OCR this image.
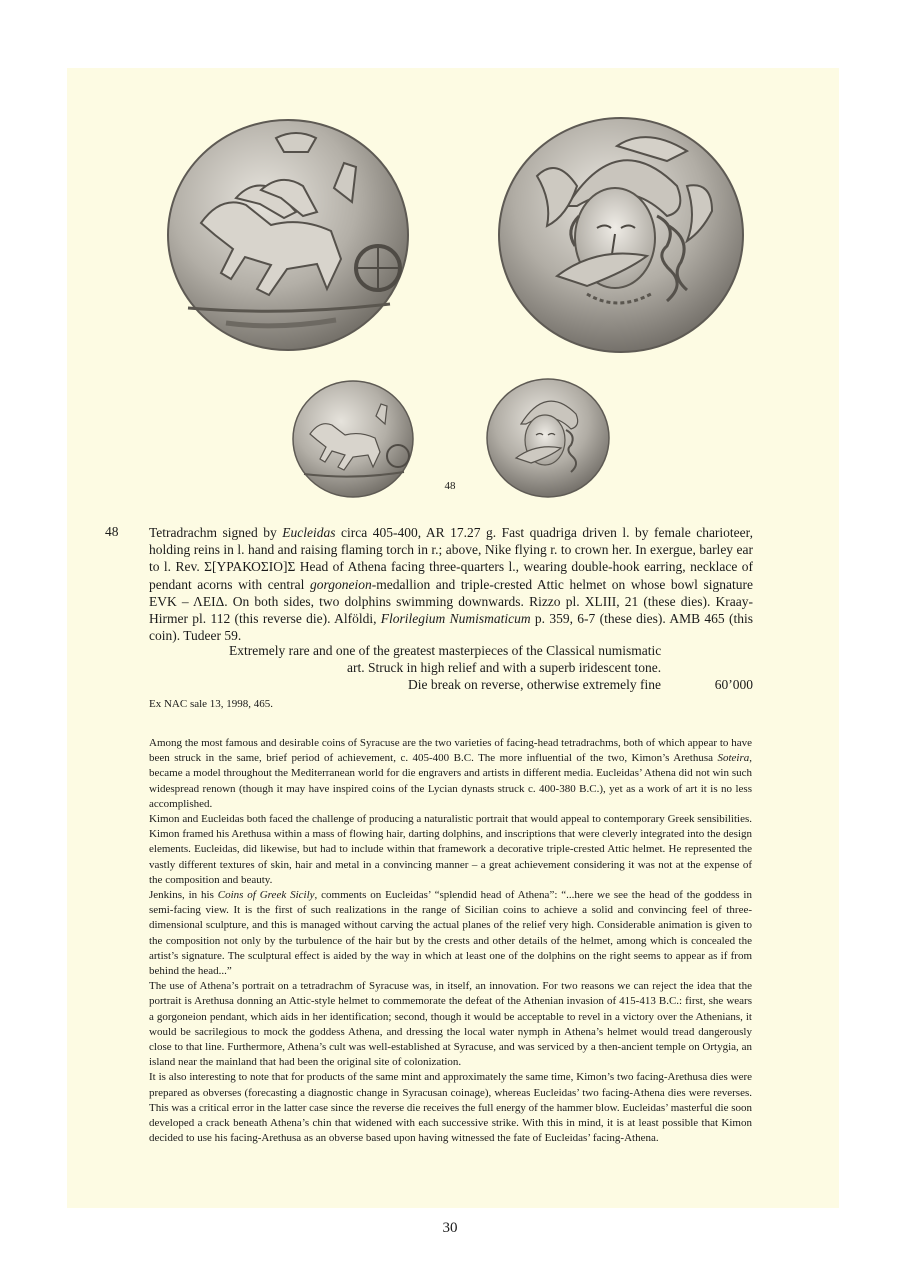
48
48 Tetradrachm signed by Eucleidas circa 405-400, AR 17.27 g. Fast quadriga driven l. by female charioteer, holding reins in l. hand and raising flaming torch in r.; above, Nike flying r. to crown her. In exergue, barley ear to l. Rev. Σ[ΥΡΑΚΟΣΙΟ]Σ Head of Athena facing three-quarters l., wearing double-hook earring, necklace of pendant acorns with central gorgoneion-medallion and triple-crested Attic helmet on whose bowl signature ΕVΚ – ΛΕΙΔ. On both sides, two dolphins swimming downwards. Rizzo pl. XLIII, 21 (these dies). Kraay-Hirmer pl. 112 (this reverse die). Alföldi, Florilegium Numismaticum p. 359, 6-7 (these dies). AMB 465 (this coin). Tudeer 59.
Extremely rare and one of the greatest masterpieces of the Classical numismatic
art. Struck in high relief and with a superb iridescent tone.
Die break on reverse, otherwise extremely fine	60’000
Ex NAC sale 13, 1998, 465.

Among the most famous and desirable coins of Syracuse are the two varieties of facing-head tetradrachms, both of which appear to have been struck in the same, brief period of achievement, c. 405-400 B.C. The more influential of the two, Kimon’s Arethusa Soteira, became a model throughout the Mediterranean world for die engravers and artists in different media. Eucleidas’ Athena did not win such widespread renown (though it may have inspired coins of the Lycian dynasts struck c. 400-380 B.C.), yet as a work of art it is no less accomplished.

Kimon and Eucleidas both faced the challenge of producing a naturalistic portrait that would appeal to contemporary Greek sensibilities. Kimon framed his Arethusa within a mass of flowing hair, darting dolphins, and inscriptions that were cleverly integrated into the design elements. Eucleidas, did likewise, but had to include within that framework a decorative triple-crested Attic helmet. He represented the vastly different textures of skin, hair and metal in a convincing manner – a great achievement considering it was not at the expense of the composition and beauty.

Jenkins, in his Coins of Greek Sicily, comments on Eucleidas’ “splendid head of Athena”: “...here we see the head of the goddess in semi-facing view. It is the first of such realizations in the range of Sicilian coins to achieve a solid and convincing feel of three-dimensional sculpture, and this is managed without carving the actual planes of the relief very high. Considerable animation is given to the composition not only by the turbulence of the hair but by the crests and other details of the helmet, among which is concealed the artist’s signature. The sculptural effect is aided by the way in which at least one of the dolphins on the right seems to appear as if from behind the head...”

The use of Athena’s portrait on a tetradrachm of Syracuse was, in itself, an innovation. For two reasons we can reject the idea that the portrait is Arethusa donning an Attic-style helmet to commemorate the defeat of the Athenian invasion of 415-413 B.C.: first, she wears a gorgoneion pendant, which aids in her identification; second, though it would be acceptable to revel in a victory over the Athenians, it would be sacrilegious to mock the goddess Athena, and dressing the local water nymph in Athena’s helmet would tread dangerously close to that line. Furthermore, Athena’s cult was well-established at Syracuse, and was serviced by a then-ancient temple on Ortygia, an island near the mainland that had been the original site of colonization.

It is also interesting to note that for products of the same mint and approximately the same time, Kimon’s two facing-Arethusa dies were prepared as obverses (forecasting a diagnostic change in Syracusan coinage), whereas Eucleidas’ two facing-Athena dies were reverses. This was a critical error in the latter case since the reverse die receives the full energy of the hammer blow. Eucleidas’ masterful die soon developed a crack beneath Athena’s chin that widened with each successive strike. With this in mind, it is at least possible that Kimon decided to use his facing-Arethusa as an obverse based upon having witnessed the fate of Eucleidas’ facing-Athena.

30
